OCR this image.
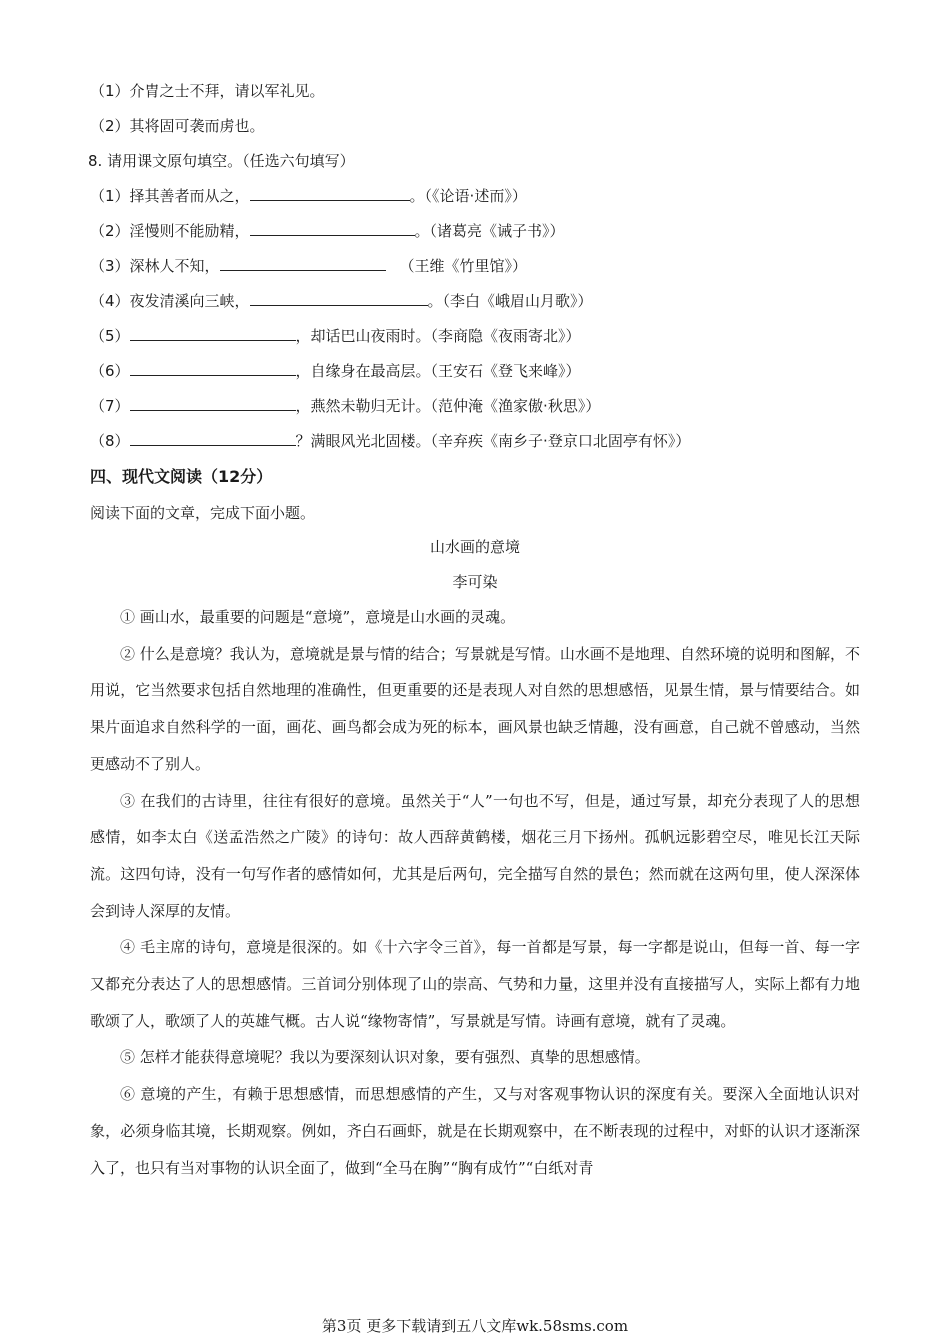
（1）介胄之士不拜，请以军礼见。
（2）其将固可袭而虏也。
8. 请用课文原句填空。（任选六句填写）
（1）择其善者而从之，	。（《论语·述而》）
（2）淫慢则不能励精，	。（诸葛亮《诫子书》）
（3）深林人不知，	（王维《竹里馆》）
（4）夜发清溪向三峡，	。（李白《峨眉山月歌》）
（5）	，却话巴山夜雨时。（李商隐《夜雨寄北》）
（6）	，自缘身在最高层。（王安石《登飞来峰》）
（7）	，燕然未勒归无计。（范仲淹《渔家傲·秋思》）
（8）	？满眼风光北固楼。（辛弃疾《南乡子·登京口北固亭有怀》）
四、现代文阅读（12分）
阅读下面的文章，完成下面小题。
山水画的意境
李可染

① 画山水，最重要的问题是“意境”，意境是山水画的灵魂。

② 什么是意境？我认为，意境就是景与情的结合；写景就是写情。山水画不是地理、自然环境的说明和图解，不用说，它当然要求包括自然地理的准确性，但更重要的还是表现人对自然的思想感悟，见景生情，景与情要结合。如果片面追求自然科学的一面，画花、画鸟都会成为死的标本，画风景也缺乏情趣，没有画意，自己就不曾感动，当然更感动不了别人。

③ 在我们的古诗里，往往有很好的意境。虽然关于“人”一句也不写，但是，通过写景，却充分表现了人的思想感情，如李太白《送孟浩然之广陵》的诗句：故人西辞黄鹤楼，烟花三月下扬州。孤帆远影碧空尽，唯见长江天际流。这四句诗，没有一句写作者的感情如何，尤其是后两句，完全描写自然的景色；然而就在这两句里，使人深深体会到诗人深厚的友情。

④ 毛主席的诗句，意境是很深的。如《十六字令三首》，每一首都是写景，每一字都是说山，但每一首、每一字又都充分表达了人的思想感情。三首词分别体现了山的崇高、气势和力量，这里并没有直接描写人，实际上都有力地歌颂了人，歌颂了人的英雄气概。古人说“缘物寄情”，写景就是写情。诗画有意境，就有了灵魂。

⑤ 怎样才能获得意境呢？我以为要深刻认识对象，要有强烈、真挚的思想感情。

⑥ 意境的产生，有赖于思想感情，而思想感情的产生，又与对客观事物认识的深度有关。要深入全面地认识对象，必须身临其境，长期观察。例如，齐白石画虾，就是在长期观察中，在不断表现的过程中，对虾的认识才逐渐深入了，也只有当对事物的认识全面了，做到“全马在胸”“胸有成竹”“白纸对青

第3页 更多下载请到五八文库wk.58sms.com
